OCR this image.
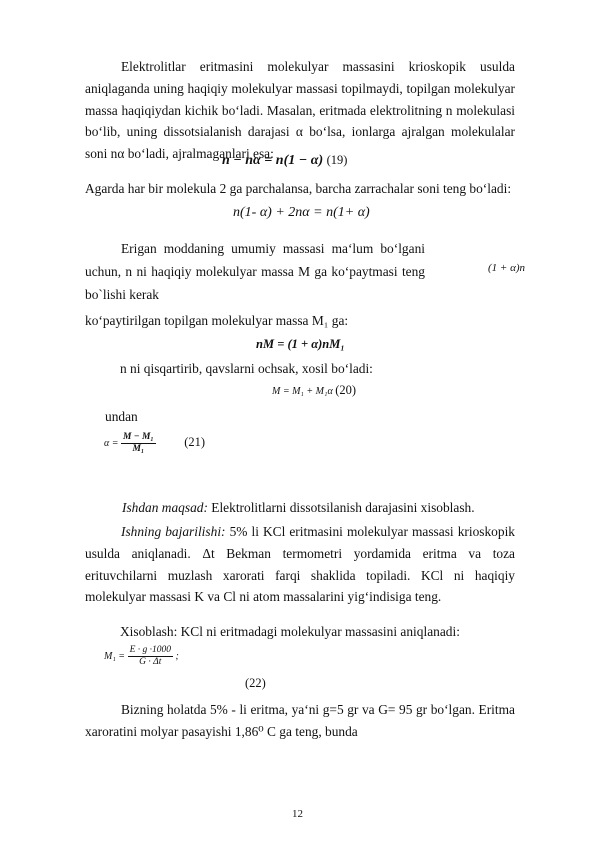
Elektrolitlar eritmasini molekulyar massasini krioskopik usulda aniqlaganda uning haqiqiy molekulyar massasi topilmaydi, topilgan molekulyar massa haqiqiydan kichik bo‘ladi. Masalan, eritmada elektrolitning n molekulasi bo‘lib, uning dissotsialanish darajasi α bo‘lsa, ionlarga ajralgan molekulalar soni nα bo‘ladi, ajralmaganlari esa:

n − nα = n(1 − α) (19)
Agarda har bir molekula 2 ga parchalansa, barcha zarrachalar soni teng bo‘ladi:
n(1- α) + 2nα = n(1+ α)

Erigan moddaning umumiy massasi ma‘lum bo‘lgani uchun, n ni haqiqiy molekulyar massa M ga ko‘paytmasi teng bo`lishi kerak

(1 + α)n
ko‘paytirilgan topilgan molekulyar massa M₁ ga:
nM = (1 + α)nM₁
n ni qisqartirib, qavslarni ochsak, xosil bo‘ladi:
M = M₁ + M₁α (20)
undan
$\alpha = \frac{\text{M − M₁}}{\text{M₁}} (21)$
Ishdan maqsad: Elektrolitlarni dissotsilanish darajasini xisoblash.

Ishning bajarilishi: 5% li KCl eritmasini molekulyar massasi krioskopik usulda aniqlanadi. Δt Bekman termometri yordamida eritma va toza erituvchilarni muzlash xarorati farqi shaklida topiladi. KCl ni haqiqiy molekulyar massasi K va Cl ni atom massalarini yig‘indisiga teng.

Xisoblash: KCl ni eritmadagi molekulyar massasini aniqlanadi:
$M_1 = \frac{E \cdot g \cdot 1000}{G \cdot \Delta t}$ ;
(22)

Bizning holatda 5% - li eritma, ya‘ni g=5 gr va G= 95 gr bo‘lgan. Eritma xaroratini molyar pasayishi 1,86⁰ C ga teng, bunda

12
